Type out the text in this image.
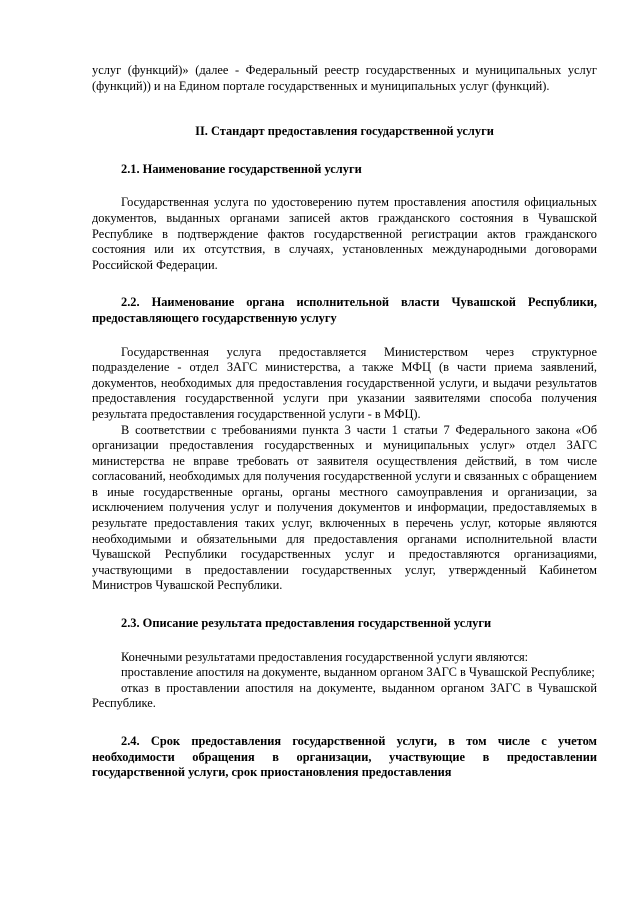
услуг (функций)» (далее - Федеральный реестр государственных и муниципальных услуг (функций)) и на Едином портале государственных и муниципальных услуг (функций).

II. Стандарт предоставления государственной услуги

2.1. Наименование государственной услуги

Государственная услуга по удостоверению путем проставления апостиля официальных документов, выданных органами записей актов гражданского состояния в Чувашской Республике в подтверждение фактов государственной регистрации актов гражданского состояния или их отсутствия, в случаях, установленных международными договорами Российской Федерации.

2.2. Наименование органа исполнительной власти Чувашской Республики, предоставляющего государственную услугу

Государственная услуга предоставляется Министерством через структурное подразделение - отдел ЗАГС министерства, а также МФЦ (в части приема заявлений, документов, необходимых для предоставления государственной услуги, и выдачи результатов предоставления государственной услуги при указании заявителями способа получения результата предоставления государственной услуги - в МФЦ).

В соответствии с требованиями пункта 3 части 1 статьи 7 Федерального закона «Об организации предоставления государственных и муниципальных услуг» отдел ЗАГС министерства не вправе требовать от заявителя осуществления действий, в том числе согласований, необходимых для получения государственной услуги и связанных с обращением в иные государственные органы, органы местного самоуправления и организации, за исключением получения услуг и получения документов и информации, предоставляемых в результате предоставления таких услуг, включенных в перечень услуг, которые являются необходимыми и обязательными для предоставления органами исполнительной власти Чувашской Республики государственных услуг и предоставляются организациями, участвующими в предоставлении государственных услуг, утвержденный Кабинетом Министров Чувашской Республики.

2.3. Описание результата предоставления государственной услуги

Конечными результатами предоставления государственной услуги являются:

проставление апостиля на документе, выданном органом ЗАГС в Чувашской Республике;

отказ в проставлении апостиля на документе, выданном органом ЗАГС в Чувашской Республике.

2.4. Срок предоставления государственной услуги, в том числе с учетом необходимости обращения в организации, участвующие в предоставлении государственной услуги, срок приостановления предоставления
